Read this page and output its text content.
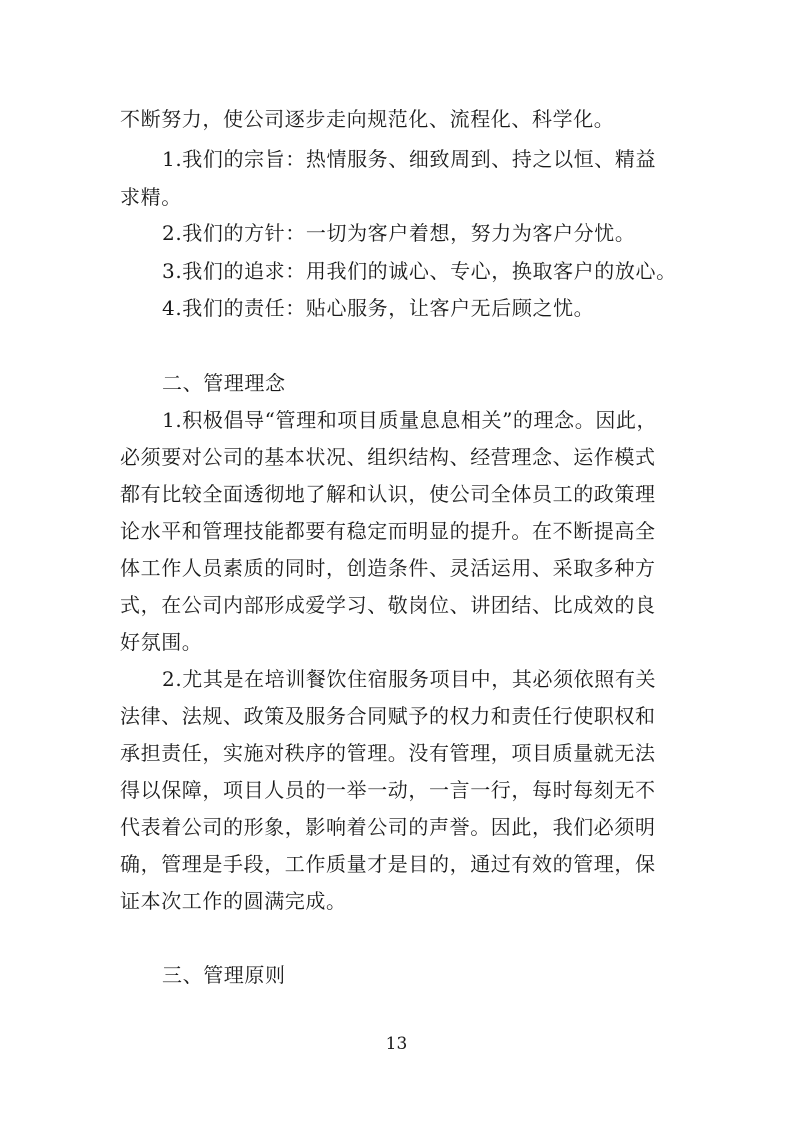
不断努力，使公司逐步走向规范化、流程化、科学化。
1.我们的宗旨：热情服务、细致周到、持之以恒、精益
求精。
2.我们的方针：一切为客户着想，努力为客户分忧。
3.我们的追求：用我们的诚心、专心，换取客户的放心。
4.我们的责任：贴心服务，让客户无后顾之忧。
二、管理理念
1.积极倡导“管理和项目质量息息相关”的理念。因此，
必须要对公司的基本状况、组织结构、经营理念、运作模式
都有比较全面透彻地了解和认识，使公司全体员工的政策理
论水平和管理技能都要有稳定而明显的提升。在不断提高全
体工作人员素质的同时，创造条件、灵活运用、采取多种方
式，在公司内部形成爱学习、敬岗位、讲团结、比成效的良
好氛围。
2.尤其是在培训餐饮住宿服务项目中，其必须依照有关
法律、法规、政策及服务合同赋予的权力和责任行使职权和
承担责任，实施对秩序的管理。没有管理，项目质量就无法
得以保障，项目人员的一举一动，一言一行，每时每刻无不
代表着公司的形象，影响着公司的声誉。因此，我们必须明
确，管理是手段，工作质量才是目的，通过有效的管理，保
证本次工作的圆满完成。
三、管理原则
13
